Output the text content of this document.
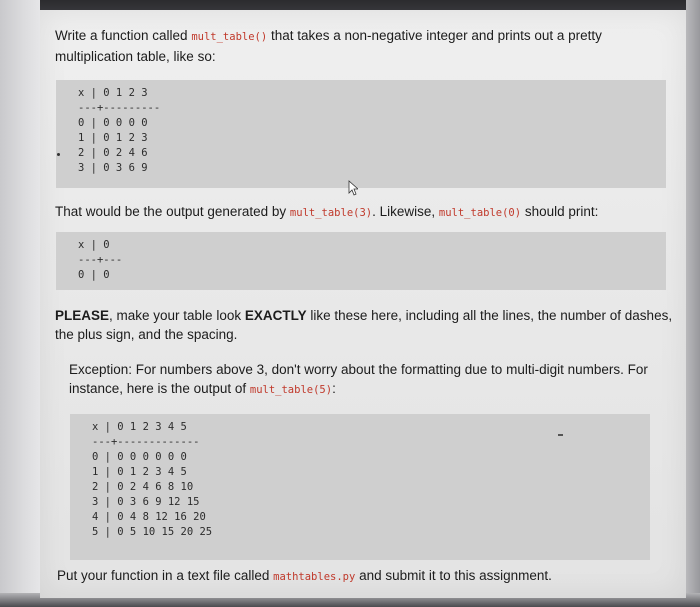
Write a function called mult_table() that takes a non-negative integer and prints out a pretty multiplication table, like so:

x | 0 1 2 3
---+---------
0 | 0 0 0 0
1 | 0 1 2 3
2 | 0 2 4 6
3 | 0 3 6 9

That would be the output generated by mult_table(3). Likewise, mult_table(0) should print:

x | 0
---+---
0 | 0

PLEASE, make your table look EXACTLY like these here, including all the lines, the number of dashes, the plus sign, and the spacing.

Exception: For numbers above 3, don't worry about the formatting due to multi-digit numbers. For instance, here is the output of mult_table(5):

x | 0 1 2 3 4 5
---+-------------
0 | 0 0 0 0 0 0
1 | 0 1 2 3 4 5
2 | 0 2 4 6 8 10
3 | 0 3 6 9 12 15
4 | 0 4 8 12 16 20
5 | 0 5 10 15 20 25

Put your function in a text file called mathtables.py and submit it to this assignment.
